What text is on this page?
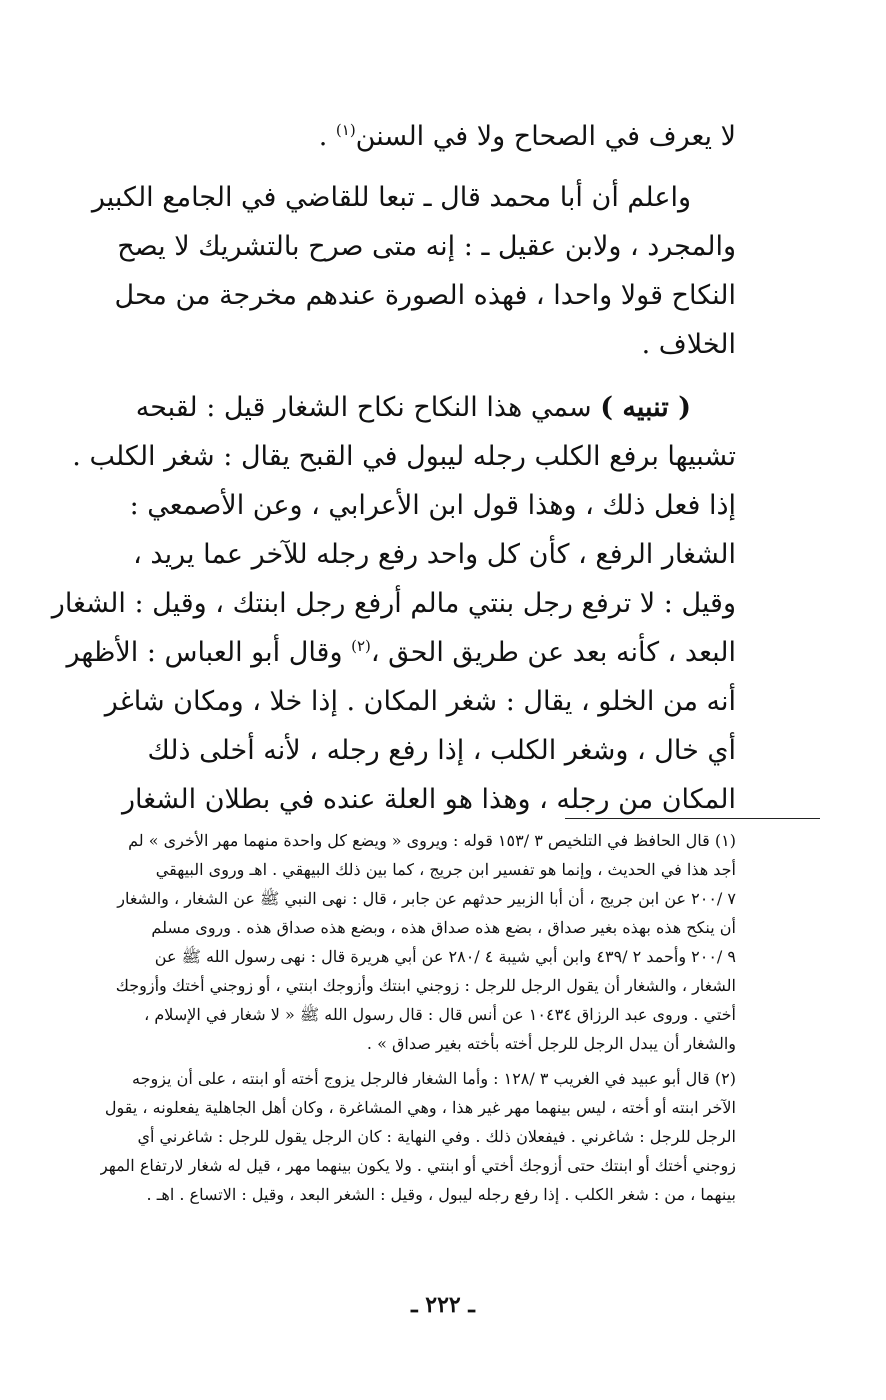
لا يعرف في الصحاح ولا في السنن$^{(١)}$ .

واعلم أن أبا محمد قال ـ تبعا للقاضي في الجامع الكبير
والمجرد ، ولابن عقيل ـ : إنه متى صرح بالتشريك لا يصح
النكاح قولا واحدا ، فهذه الصورة عندهم مخرجة من محل
الخلاف .

( تنبيه ) سمي هذا النكاح نكاح الشغار قيل : لقبحه
تشبيها برفع الكلب رجله ليبول في القبح يقال : شغر الكلب .
إذا فعل ذلك ، وهذا قول ابن الأعرابي ، وعن الأصمعي :
الشغار الرفع ، كأن كل واحد رفع رجله للآخر عما يريد ،
وقيل : لا ترفع رجل بنتي مالم أرفع رجل ابنتك ، وقيل : الشغار
البعد ، كأنه بعد عن طريق الحق ،$^{(٢)}$ وقال أبو العباس : الأظهر
أنه من الخلو ، يقال : شغر المكان . إذا خلا ، ومكان شاغر
أي خال ، وشغر الكلب ، إذا رفع رجله ، لأنه أخلى ذلك
المكان من رجله ، وهذا هو العلة عنده في بطلان الشغار

(١) قال الحافظ في التلخيص ٣ /١٥٣ قوله : ويروى « ويضع كل واحدة منهما مهر الأخرى » لم
أجد هذا في الحديث ، وإنما هو تفسير ابن جريج ، كما بين ذلك البيهقي . اهـ وروى البيهقي
٧ /٢٠٠ عن ابن جريج ، أن أبا الزبير حدثهم عن جابر ، قال : نهى النبي ﷺ عن الشغار ، والشغار
أن ينكح هذه بهذه بغير صداق ، بضع هذه صداق هذه ، وبضع هذه صداق هذه . وروى مسلم
٩ /٢٠٠ وأحمد ٢ /٤٣٩ وابن أبي شيبة ٤ /٢٨٠ عن أبي هريرة قال : نهى رسول الله ﷺ عن
الشغار ، والشغار أن يقول الرجل للرجل : زوجني ابنتك وأزوجك ابنتي ، أو زوجني أختك وأزوجك
أختي . وروى عبد الرزاق ١٠٤٣٤ عن أنس قال : قال رسول الله ﷺ « لا شغار في الإسلام ،
والشغار أن يبدل الرجل للرجل أخته بأخته بغير صداق » .
(٢) قال أبو عبيد في الغريب ٣ /١٢٨ : وأما الشغار فالرجل يزوج أخته أو ابنته ، على أن يزوجه
الآخر ابنته أو أخته ، ليس بينهما مهر غير هذا ، وهي المشاغرة ، وكان أهل الجاهلية يفعلونه ، يقول
الرجل للرجل : شاغرني . فيفعلان ذلك . وفي النهاية : كان الرجل يقول للرجل : شاغرني أي
زوجني أختك أو ابنتك حتى أزوجك أختي أو ابنتي . ولا يكون بينهما مهر ، قيل له شغار لارتفاع المهر
بينهما ، من : شغر الكلب . إذا رفع رجله ليبول ، وقيل : الشغر البعد ، وقيل : الاتساع . اهـ .
ـ ٢٢٢ ـ
